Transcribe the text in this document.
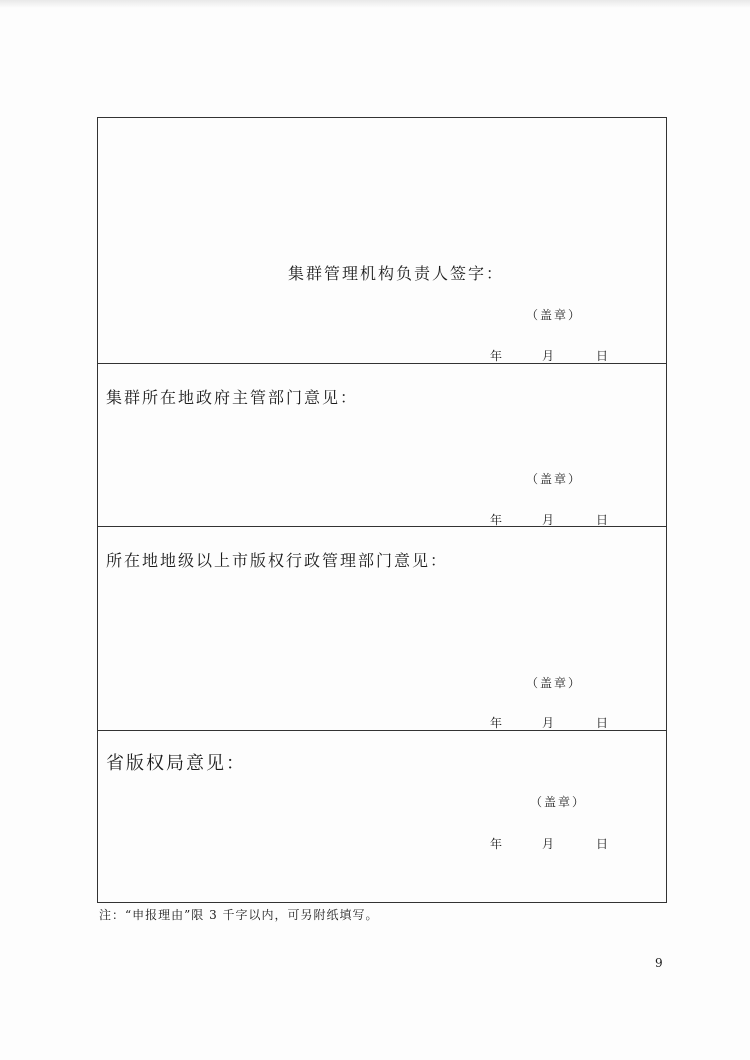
集群管理机构负责人签字：
（盖章）
年	月	日
集群所在地政府主管部门意见：
（盖章）
年	月	日
所在地地级以上市版权行政管理部门意见：
（盖章）
年	月	日
省版权局意见：
（盖章）
年	月	日
注：“申报理由”限 3 千字以内，可另附纸填写。
9
